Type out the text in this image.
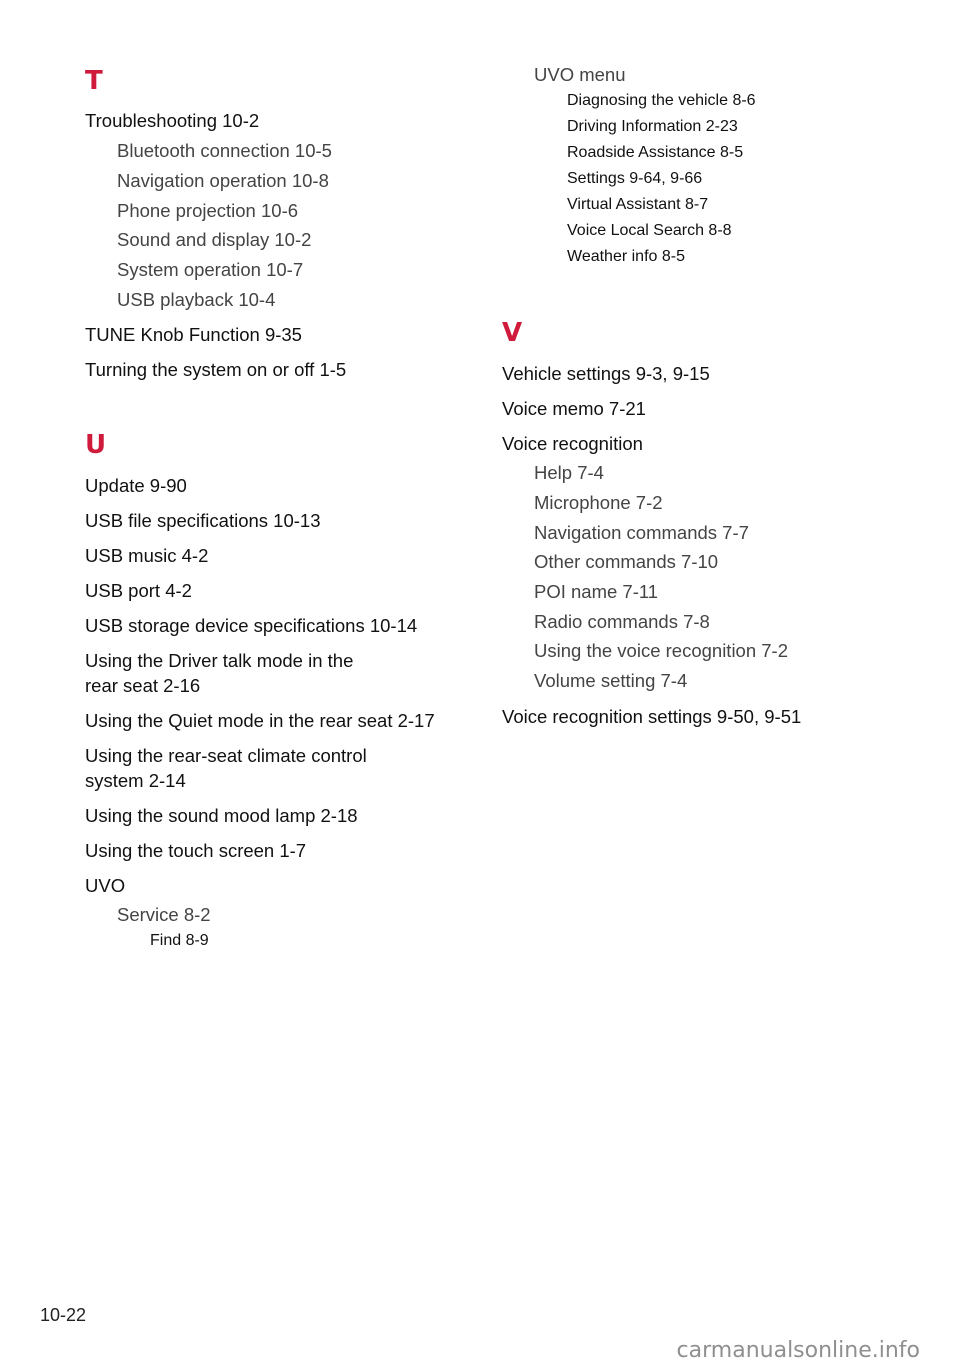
T
Troubleshooting 10-2
Bluetooth connection 10-5
Navigation operation 10-8
Phone projection 10-6
Sound and display 10-2
System operation 10-7
USB playback 10-4
TUNE Knob Function 9-35
Turning the system on or off 1-5
U
Update 9-90
USB file specifications 10-13
USB music 4-2
USB port 4-2
USB storage device specifications 10-14
Using the Driver talk mode in the
rear seat 2-16
Using the Quiet mode in the rear seat 2-17
Using the rear-seat climate control
system 2-14
Using the sound mood lamp 2-18
Using the touch screen 1-7
UVO
Service 8-2
Find 8-9
UVO menu
Diagnosing the vehicle 8-6
Driving Information 2-23
Roadside Assistance 8-5
Settings 9-64, 9-66
Virtual Assistant 8-7
Voice Local Search 8-8
Weather info 8-5
V
Vehicle settings 9-3, 9-15
Voice memo 7-21
Voice recognition
Help 7-4
Microphone 7-2
Navigation commands 7-7
Other commands 7-10
POI name 7-11
Radio commands 7-8
Using the voice recognition 7-2
Volume setting 7-4
Voice recognition settings 9-50, 9-51
10-22
carmanualsonline.info
